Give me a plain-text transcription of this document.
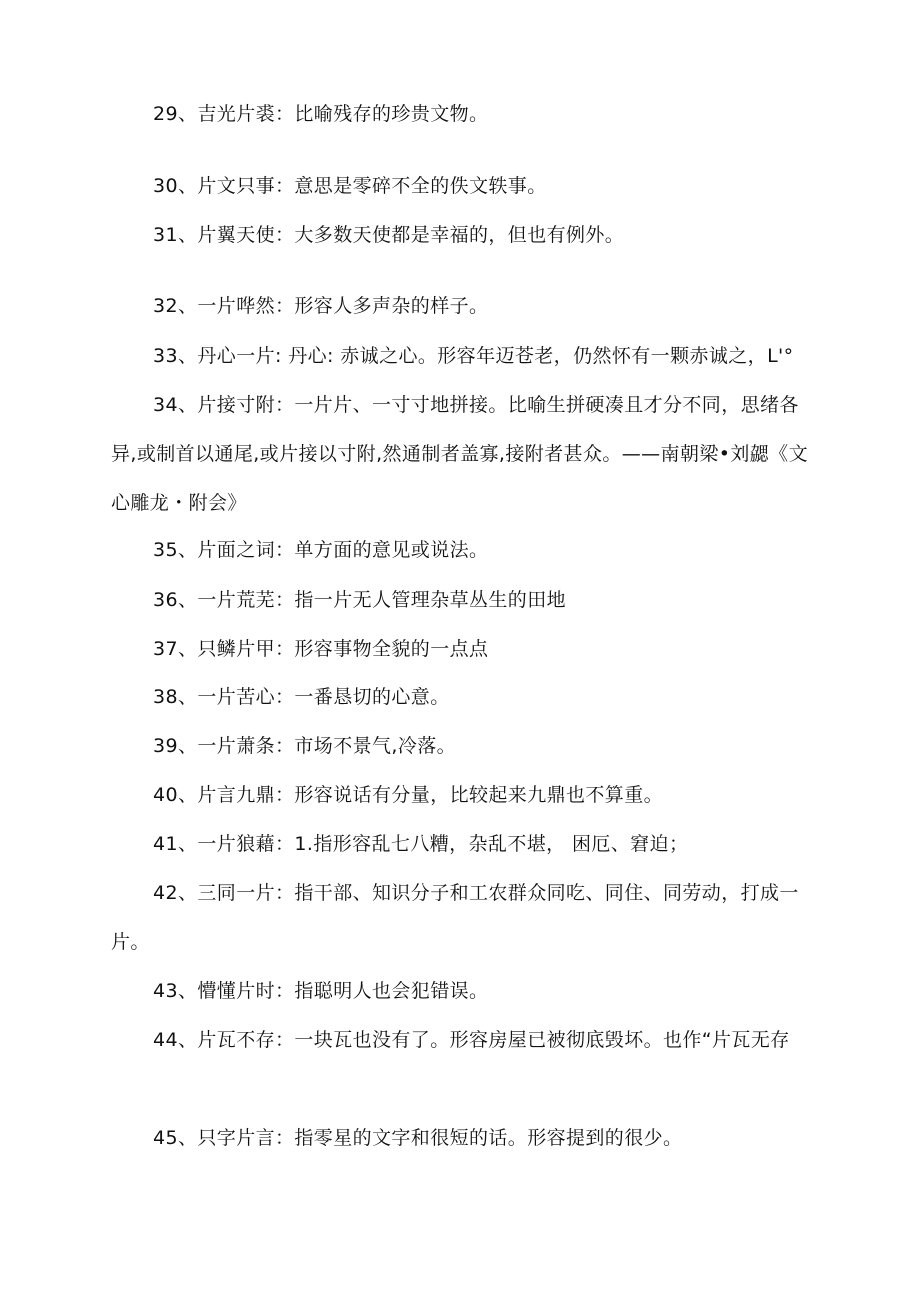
29、吉光片裘：比喻残存的珍贵文物。
30、片文只事：意思是零碎不全的佚文轶事。
31、片翼天使：大多数天使都是幸福的，但也有例外。
32、一片哗然：形容人多声杂的样子。
33、丹心一片: 丹心: 赤诚之心。形容年迈苍老，仍然怀有一颗赤诚之，L'°
34、片接寸附：一片片、一寸寸地拼接。比喻生拼硬凑且才分不同，思绪各异,或制首以通尾,或片接以寸附,然通制者盖寡,接附者甚众。——南朝梁•刘勰《文心雕龙・附会》
35、片面之词：单方面的意见或说法。
36、一片荒芜：指一片无人管理杂草丛生的田地
37、只鳞片甲：形容事物全貌的一点点
38、一片苦心：一番恳切的心意。
39、一片萧条：市场不景气,冷落。
40、片言九鼎：形容说话有分量，比较起来九鼎也不算重。
41、一片狼藉：1.指形容乱七八糟，杂乱不堪， 困厄、窘迫；
42、三同一片：指干部、知识分子和工农群众同吃、同住、同劳动，打成一片。
43、懵懂片时：指聪明人也会犯错误。
44、片瓦不存：一块瓦也没有了。形容房屋已被彻底毁坏。也作“片瓦无存
45、只字片言：指零星的文字和很短的话。形容提到的很少。
